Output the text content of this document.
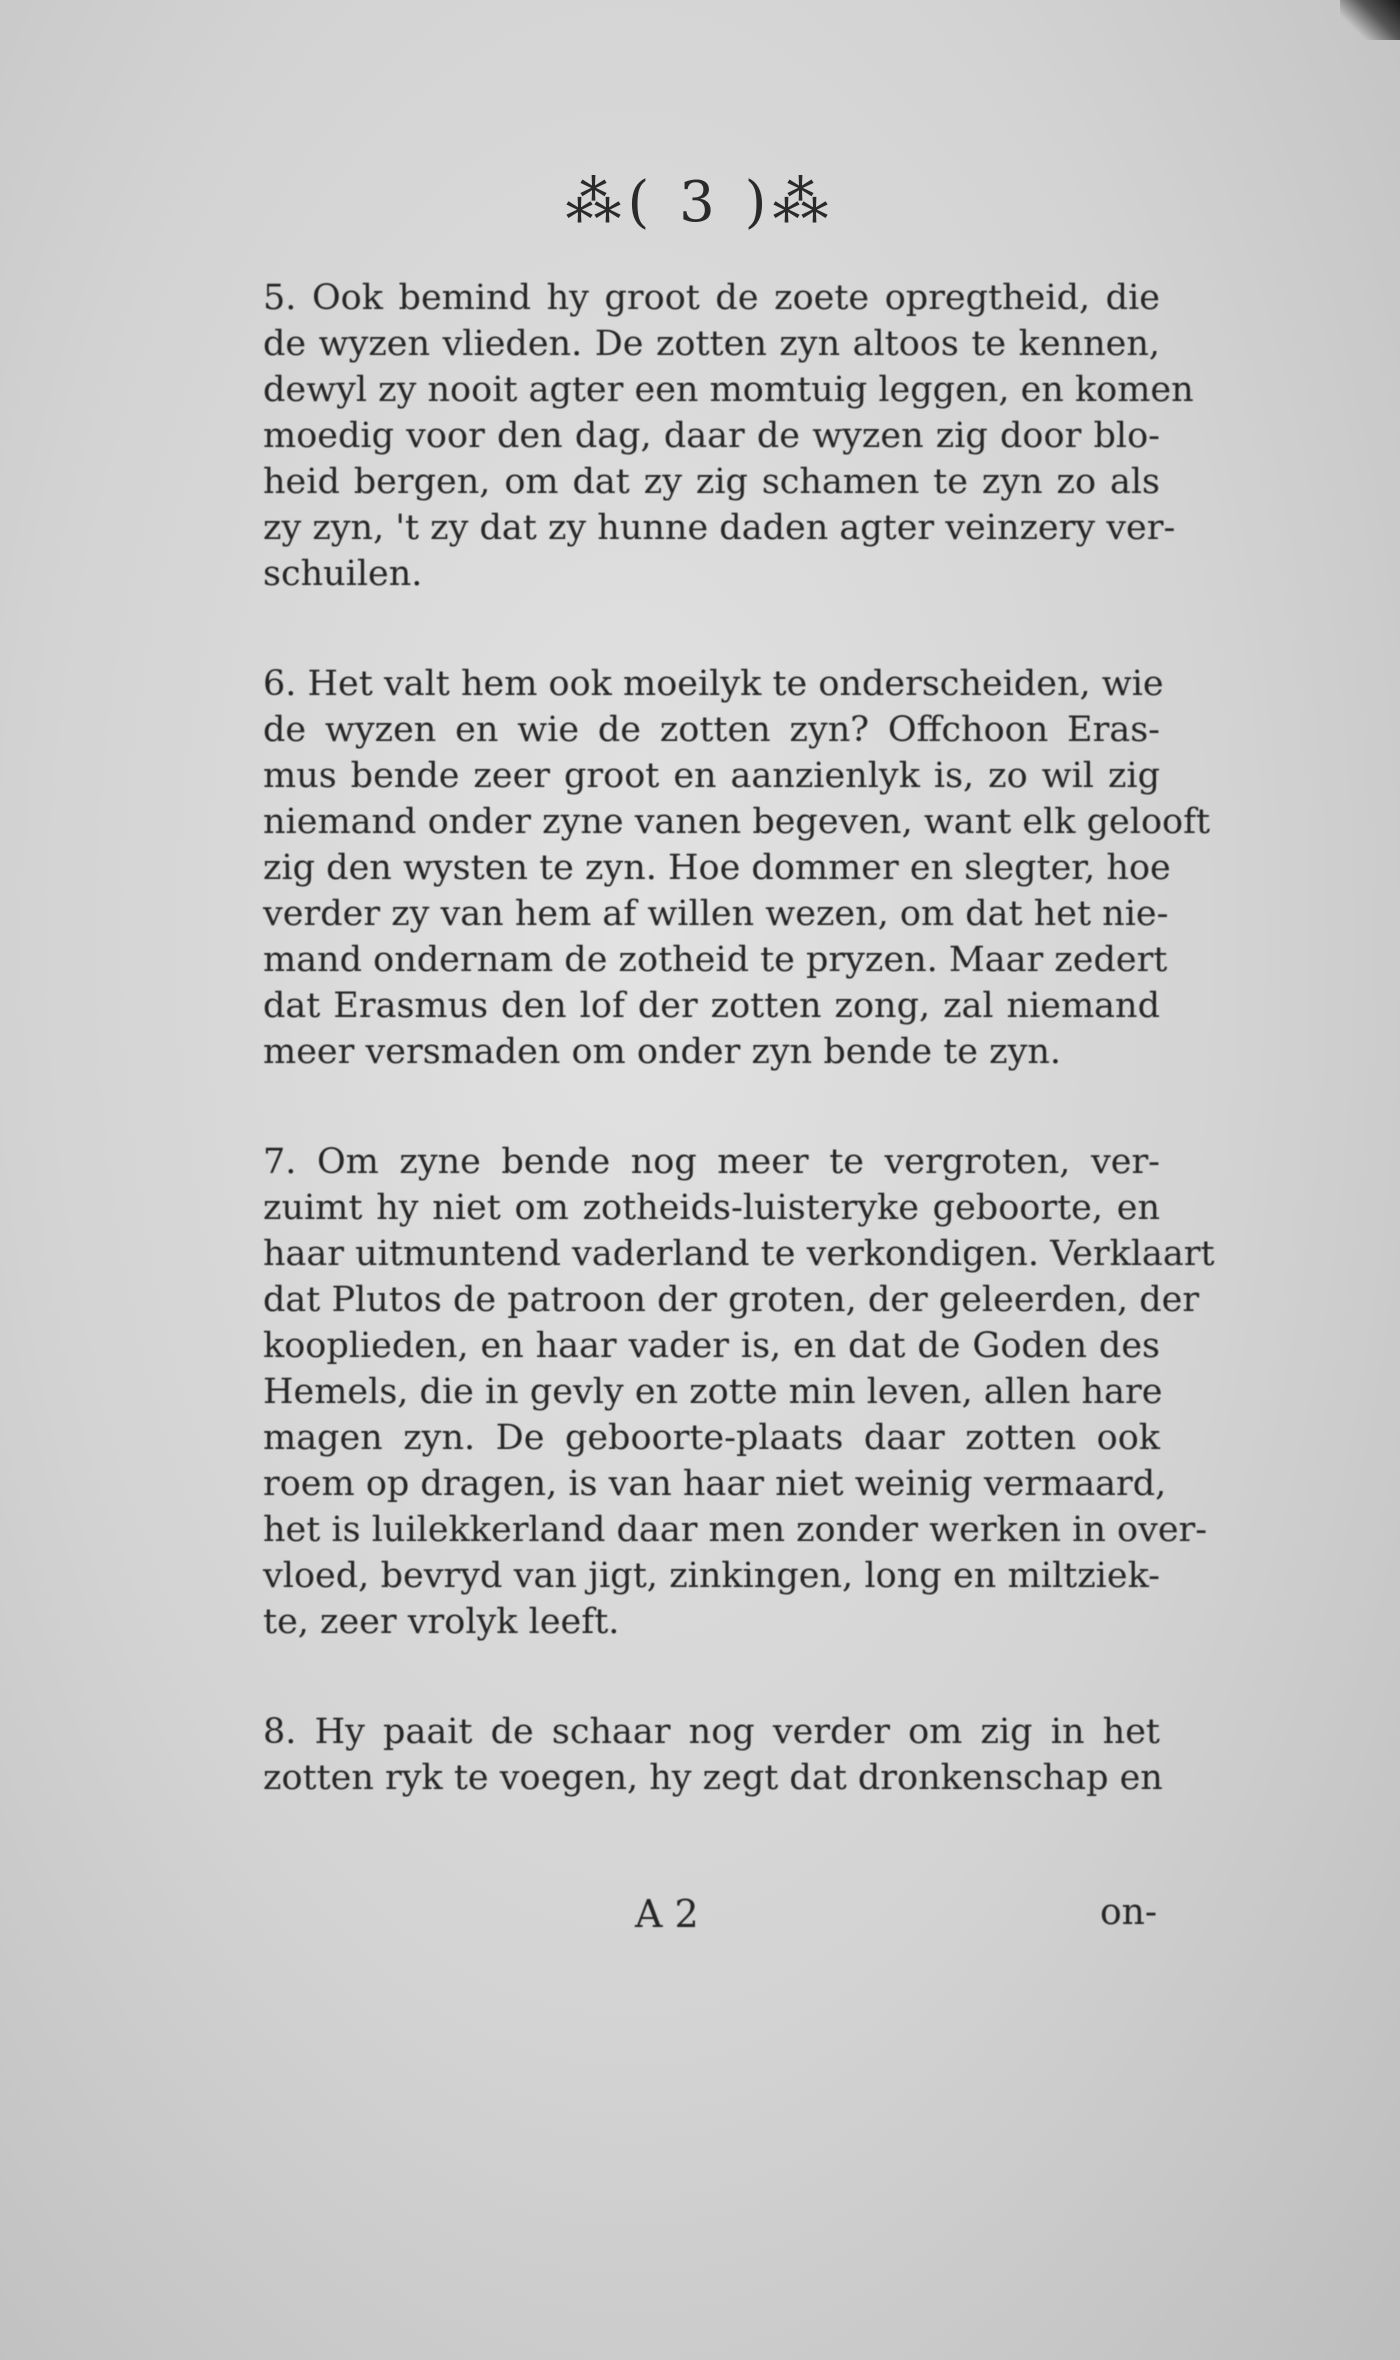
⁂( 3 )⁂
5. Ook bemind hy groot de zoete opregtheid, die
de wyzen vlieden. De zotten zyn altoos te kennen,
dewyl zy nooit agter een momtuig leggen, en komen
moedig voor den dag, daar de wyzen zig door blo-
heid bergen, om dat zy zig schamen te zyn zo als
zy zyn, 't zy dat zy hunne daden agter veinzery ver-
schuilen.
6. Het valt hem ook moeilyk te onderscheiden, wie
de wyzen en wie de zotten zyn? Offchoon Eras-
mus bende zeer groot en aanzienlyk is, zo wil zig
niemand onder zyne vanen begeven, want elk gelooft
zig den wysten te zyn. Hoe dommer en slegter, hoe
verder zy van hem af willen wezen, om dat het nie-
mand ondernam de zotheid te pryzen. Maar zedert
dat Erasmus den lof der zotten zong, zal niemand
meer versmaden om onder zyn bende te zyn.
7. Om zyne bende nog meer te vergroten, ver-
zuimt hy niet om zotheids-luisteryke geboorte, en
haar uitmuntend vaderland te verkondigen. Verklaart
dat Plutos de patroon der groten, der geleerden, der
kooplieden, en haar vader is, en dat de Goden des
Hemels, die in gevly en zotte min leven, allen hare
magen zyn. De geboorte-plaats daar zotten ook
roem op dragen, is van haar niet weinig vermaard,
het is luilekkerland daar men zonder werken in over-
vloed, bevryd van jigt, zinkingen, long en miltziek-
te, zeer vrolyk leeft.
8. Hy paait de schaar nog verder om zig in het
zotten ryk te voegen, hy zegt dat dronkenschap en
A 2	on-
